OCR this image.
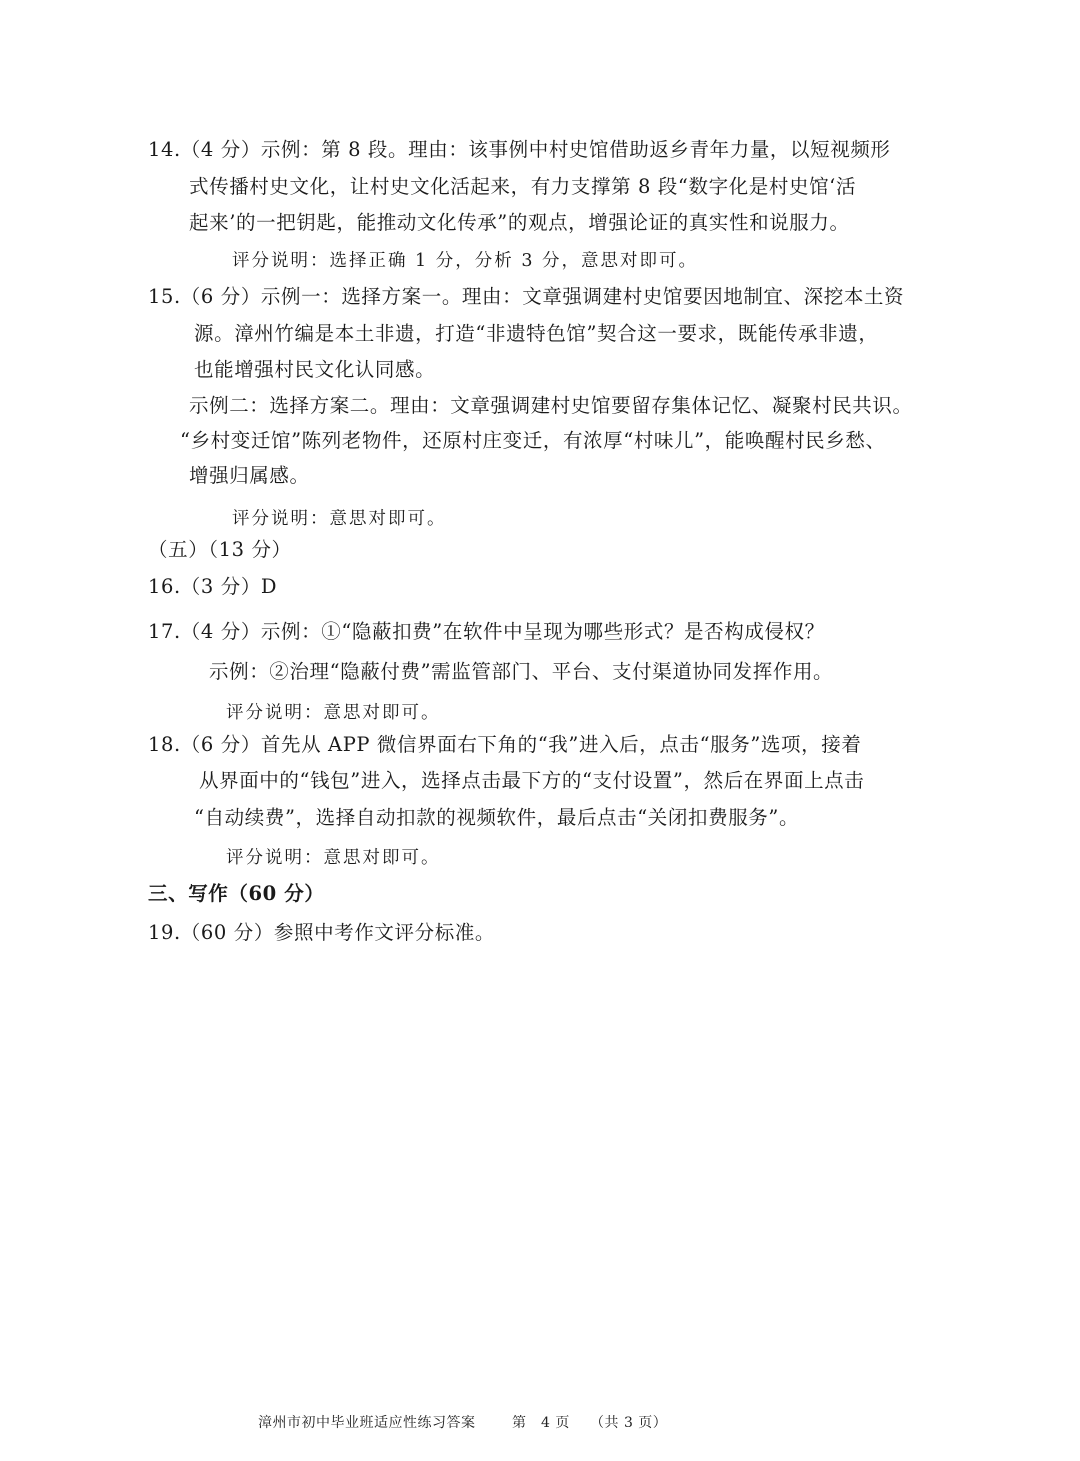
14.（4 分）示例：第 8 段。理由：该事例中村史馆借助返乡青年力量，以短视频形
式传播村史文化，让村史文化活起来，有力支撑第 8 段“数字化是村史馆‘活
起来’的一把钥匙，能推动文化传承”的观点，增强论证的真实性和说服力。
评分说明：选择正确 1 分，分析 3 分，意思对即可。
15.（6 分）示例一：选择方案一。理由：文章强调建村史馆要因地制宜、深挖本土资
源。漳州竹编是本土非遗，打造“非遗特色馆”契合这一要求，既能传承非遗，
也能增强村民文化认同感。
示例二：选择方案二。理由：文章强调建村史馆要留存集体记忆、凝聚村民共识。
“乡村变迁馆”陈列老物件，还原村庄变迁，有浓厚“村味儿”，能唤醒村民乡愁、
增强归属感。
评分说明：意思对即可。
（五）（13 分）
16.（3 分）D
17.（4 分）示例：①“隐蔽扣费”在软件中呈现为哪些形式？是否构成侵权？
示例：②治理“隐蔽付费”需监管部门、平台、支付渠道协同发挥作用。
评分说明：意思对即可。
18.（6 分）首先从 APP 微信界面右下角的“我”进入后，点击“服务”选项，接着
从界面中的“钱包”进入，选择点击最下方的“支付设置”，然后在界面上点击
“自动续费”，选择自动扣款的视频软件，最后点击“关闭扣费服务”。
评分说明：意思对即可。
三、写作（60 分）
19.（60 分）参照中考作文评分标准。
漳州市初中毕业班适应性练习答案	第　4 页 （共 3 页）
